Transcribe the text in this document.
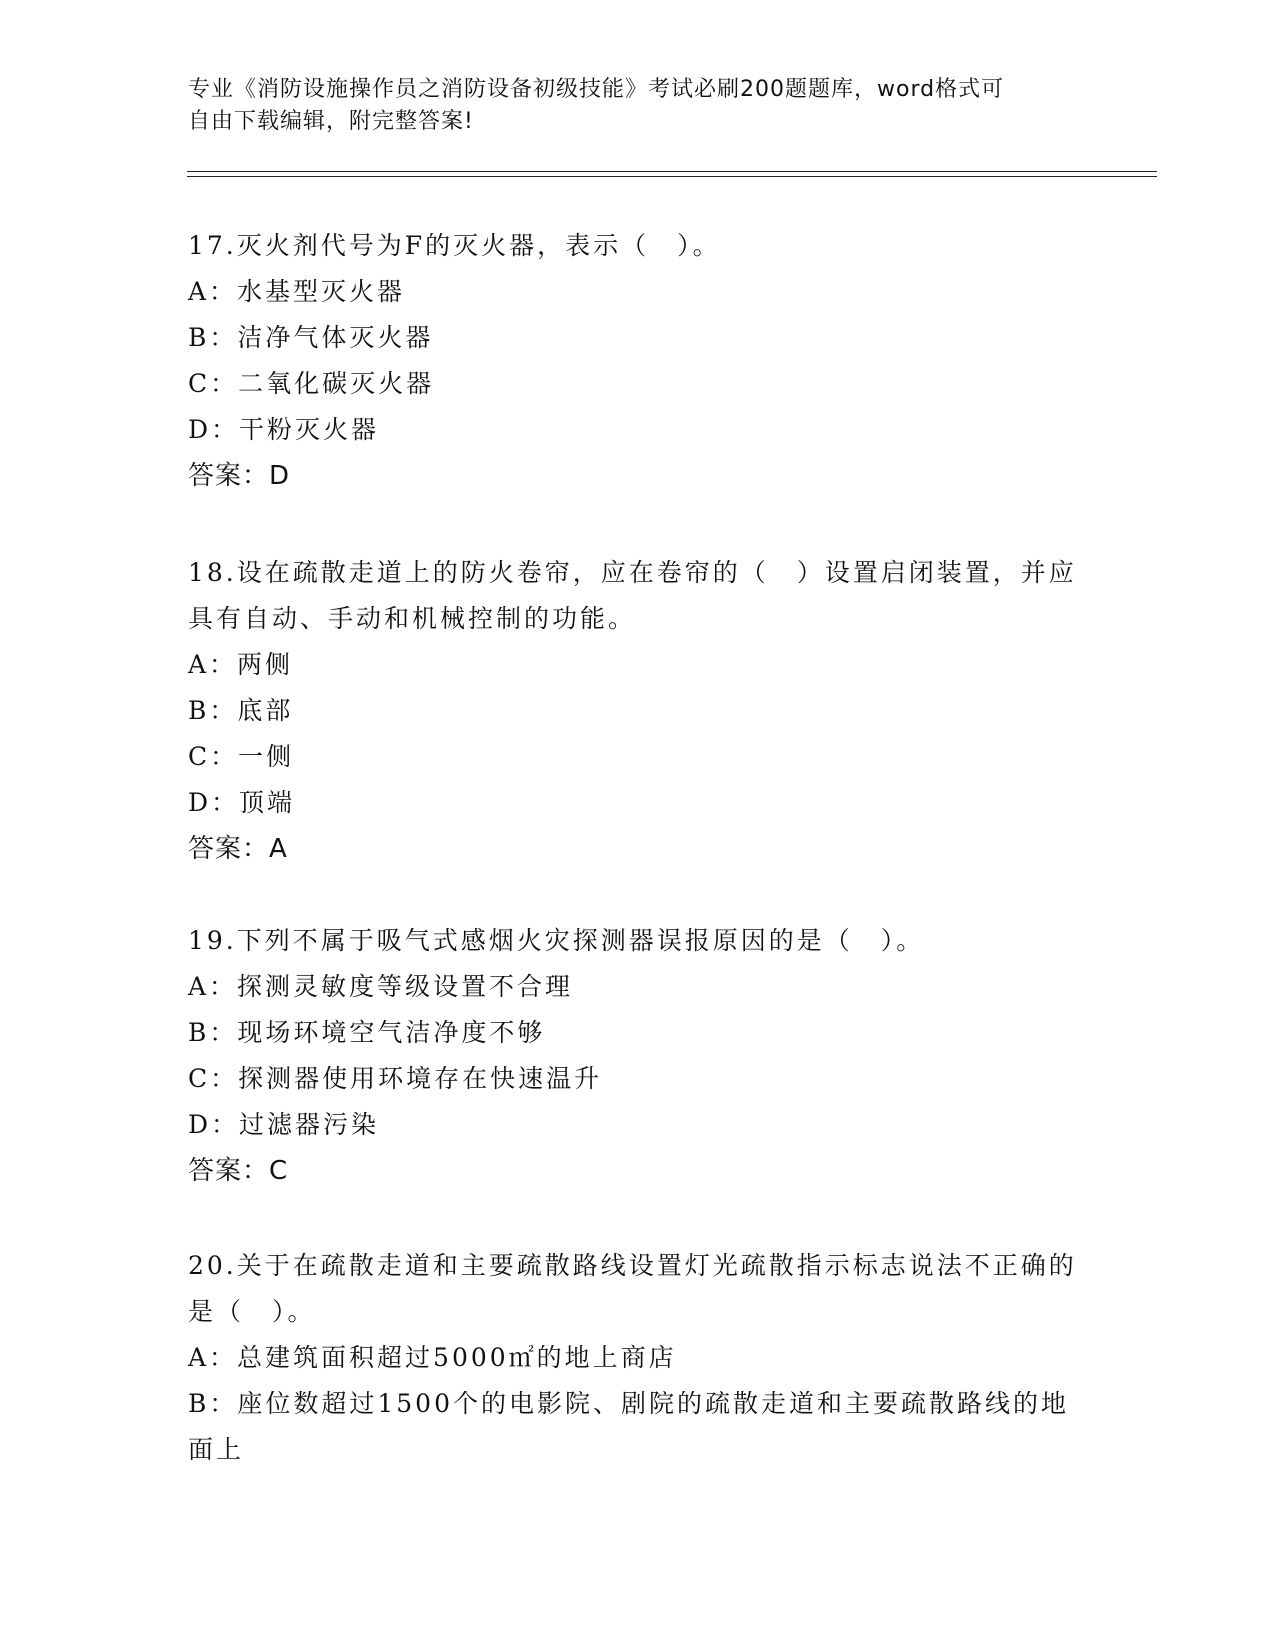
专业《消防设施操作员之消防设备初级技能》考试必刷200题题库，word格式可
自由下载编辑，附完整答案!
17.灭火剂代号为F的灭火器，表示（　）。
A：水基型灭火器
B：洁净气体灭火器
C：二氧化碳灭火器
D：干粉灭火器
答案：D
18.设在疏散走道上的防火卷帘，应在卷帘的（　）设置启闭装置，并应具有自动、手动和机械控制的功能。
A：两侧
B：底部
C：一侧
D：顶端
答案：A
19.下列不属于吸气式感烟火灾探测器误报原因的是（　）。
A：探测灵敏度等级设置不合理
B：现场环境空气洁净度不够
C：探测器使用环境存在快速温升
D：过滤器污染
答案：C
20.关于在疏散走道和主要疏散路线设置灯光疏散指示标志说法不正确的是（　）。
A：总建筑面积超过5000㎡的地上商店
B：座位数超过1500个的电影院、剧院的疏散走道和主要疏散路线的地面上
